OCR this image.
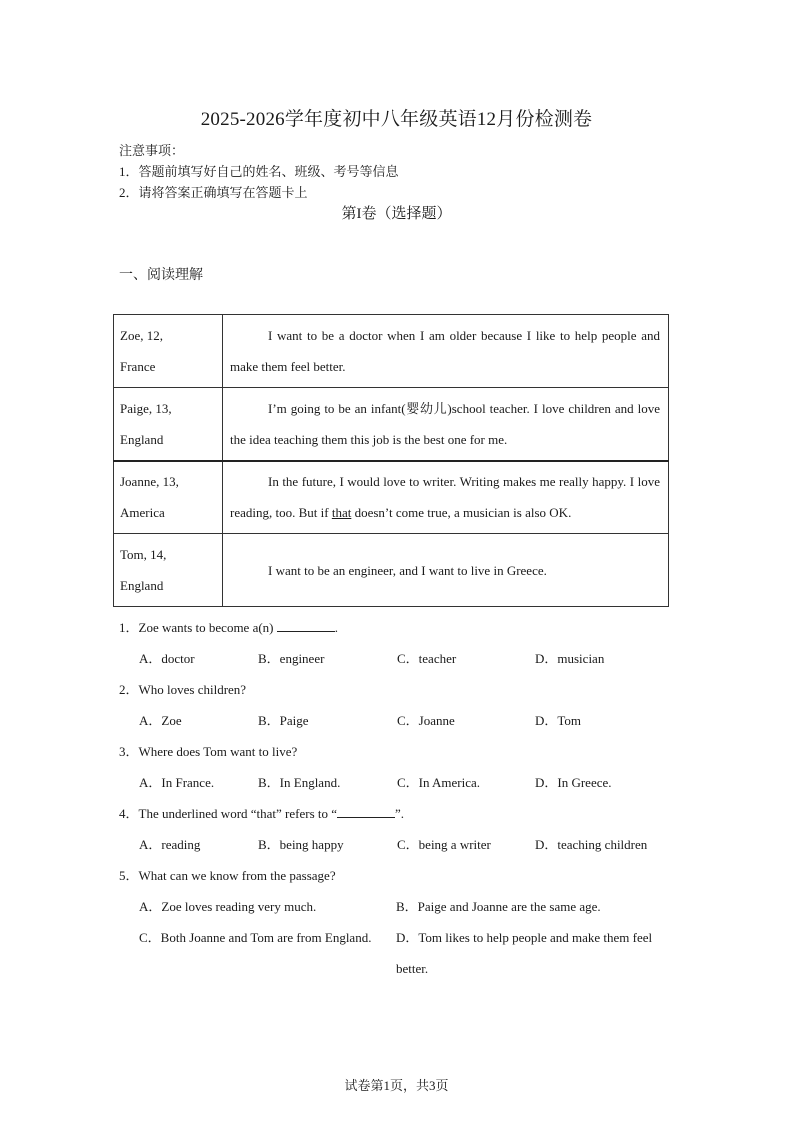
2025-2026学年度初中八年级英语12月份检测卷
注意事项：
1．答题前填写好自己的姓名、班级、考号等信息
2．请将答案正确填写在答题卡上
第I卷（选择题）
一、阅读理解
Zoe, 12,
France	I want to be a doctor when I am older because I like to help people and make them feel better.

Paige, 13,
England	I’m going to be an infant(婴幼儿)school teacher. I love children and love the idea teaching them this job is the best one for me.

Joanne, 13,
America	In the future, I would love to writer. Writing makes me really happy. I love reading, too. But if that doesn’t come true, a musician is also OK.

Tom, 14,
England	I want to be an engineer, and I want to live in Greece.
1．Zoe wants to become a(n)	.
A．doctor	B．engineer	C．teacher	D．musician
2．Who loves children?
A．Zoe	B．Paige	C．Joanne	D．Tom
3．Where does Tom want to live?
A．In France.	B．In England.	C．In America.	D．In Greece.
4．The underlined word “that” refers to “	”.
A．reading	B．being happy	C．being a writer	D．teaching children
5．What can we know from the passage?
A．Zoe loves reading very much.	B．Paige and Joanne are the same age.
C．Both Joanne and Tom are from England.	D．Tom likes to help people and make them feel better.
试卷第1页，共3页
